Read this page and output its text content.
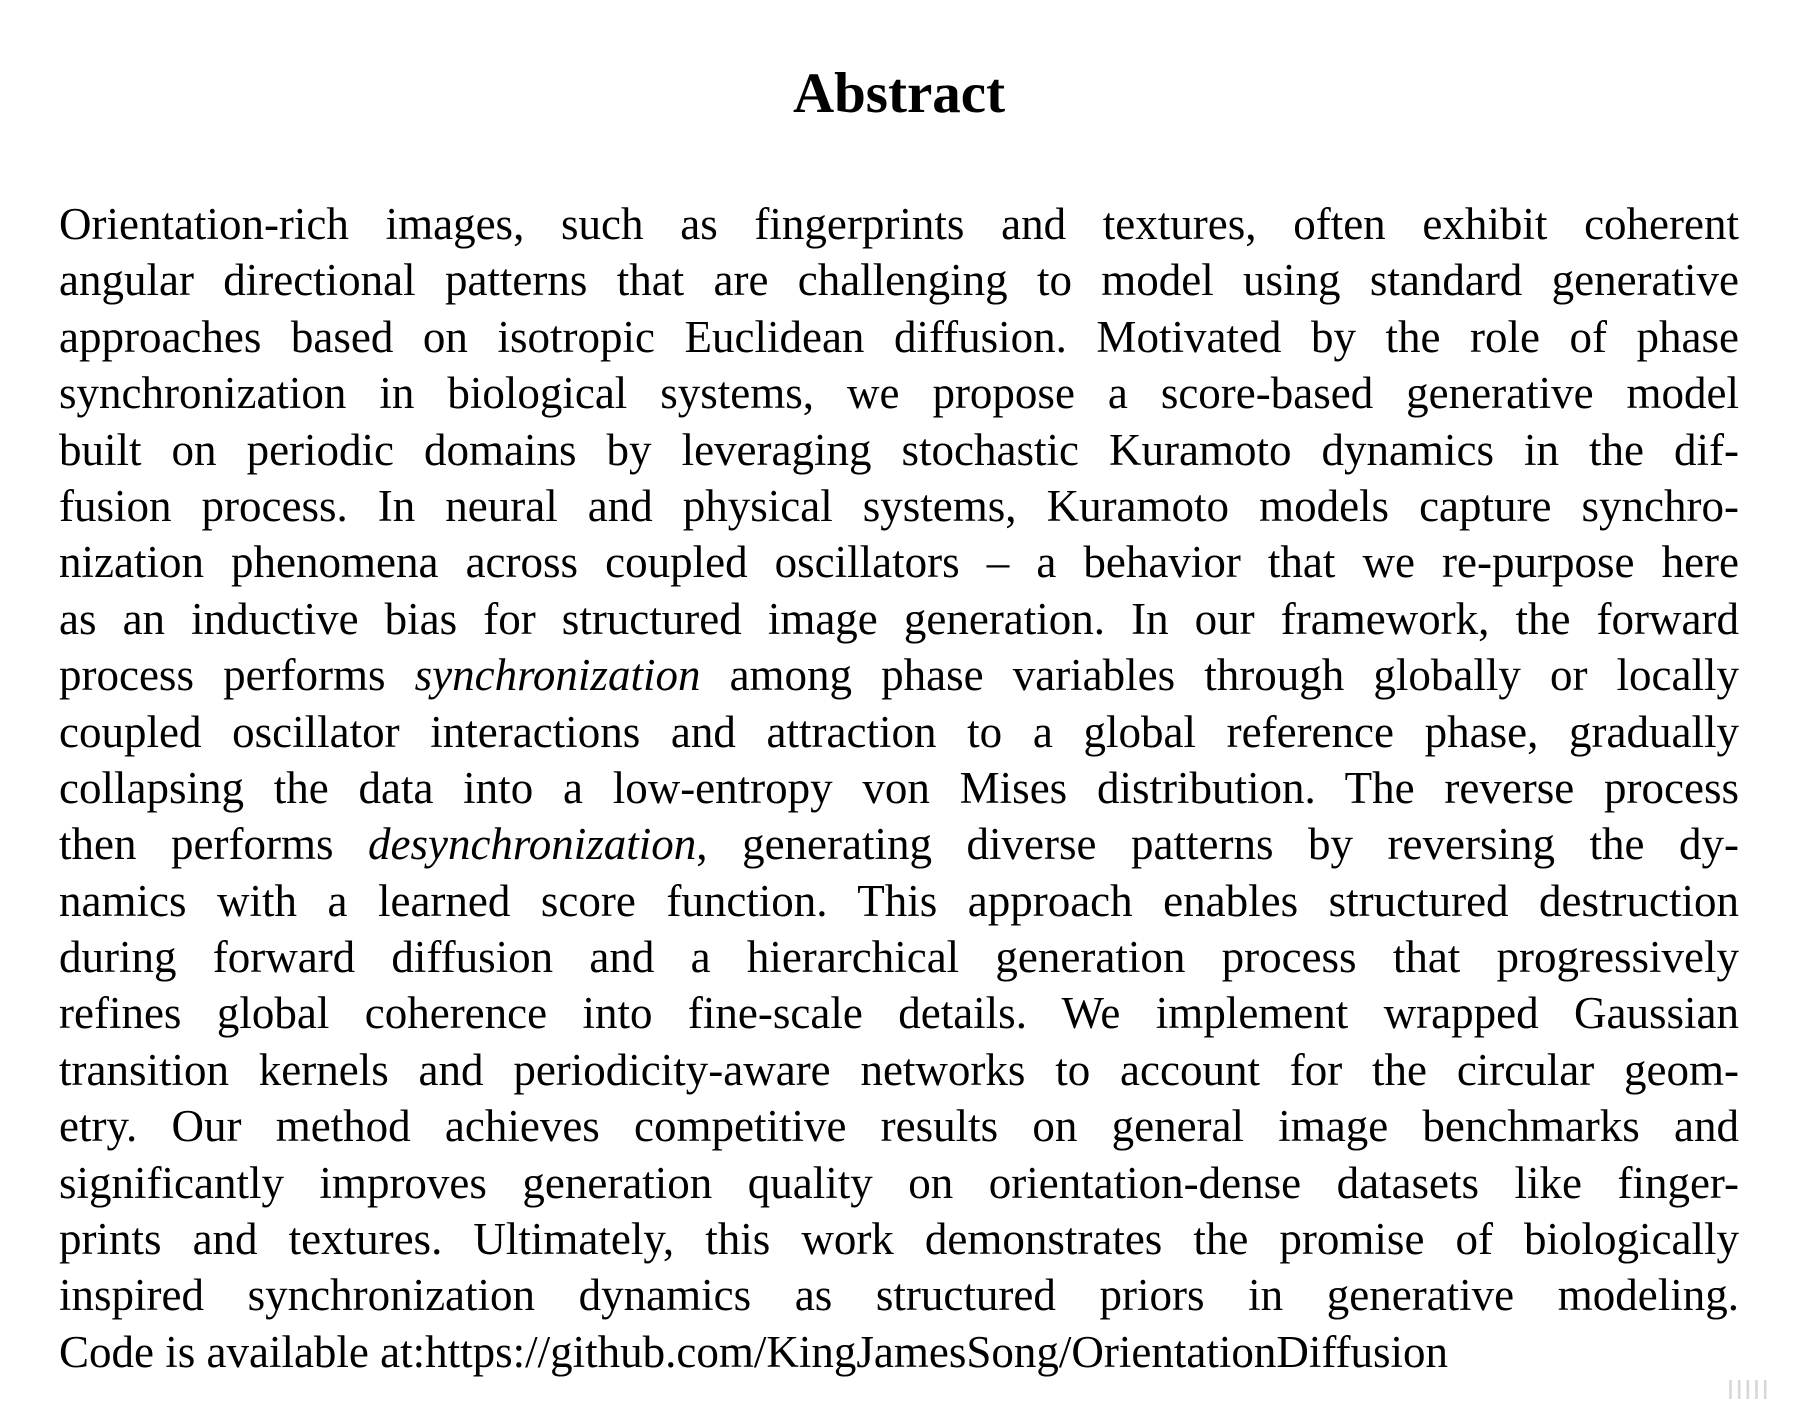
Abstract
Orientation-rich images, such as fingerprints and textures, often exhibit coherent
angular directional patterns that are challenging to model using standard generative
approaches based on isotropic Euclidean diffusion. Motivated by the role of phase
synchronization in biological systems, we propose a score-based generative model
built on periodic domains by leveraging stochastic Kuramoto dynamics in the dif-
fusion process. In neural and physical systems, Kuramoto models capture synchro-
nization phenomena across coupled oscillators – a behavior that we re-purpose here
as an inductive bias for structured image generation. In our framework, the forward
process performs synchronization among phase variables through globally or locally
coupled oscillator interactions and attraction to a global reference phase, gradually
collapsing the data into a low-entropy von Mises distribution. The reverse process
then performs desynchronization, generating diverse patterns by reversing the dy-
namics with a learned score function. This approach enables structured destruction
during forward diffusion and a hierarchical generation process that progressively
refines global coherence into fine-scale details. We implement wrapped Gaussian
transition kernels and periodicity-aware networks to account for the circular geom-
etry. Our method achieves competitive results on general image benchmarks and
significantly improves generation quality on orientation-dense datasets like finger-
prints and textures. Ultimately, this work demonstrates the promise of biologically
inspired synchronization dynamics as structured priors in generative modeling.
Code is available at:https://github.com/KingJamesSong/OrientationDiffusion
ⅠⅠⅠⅠⅠ
